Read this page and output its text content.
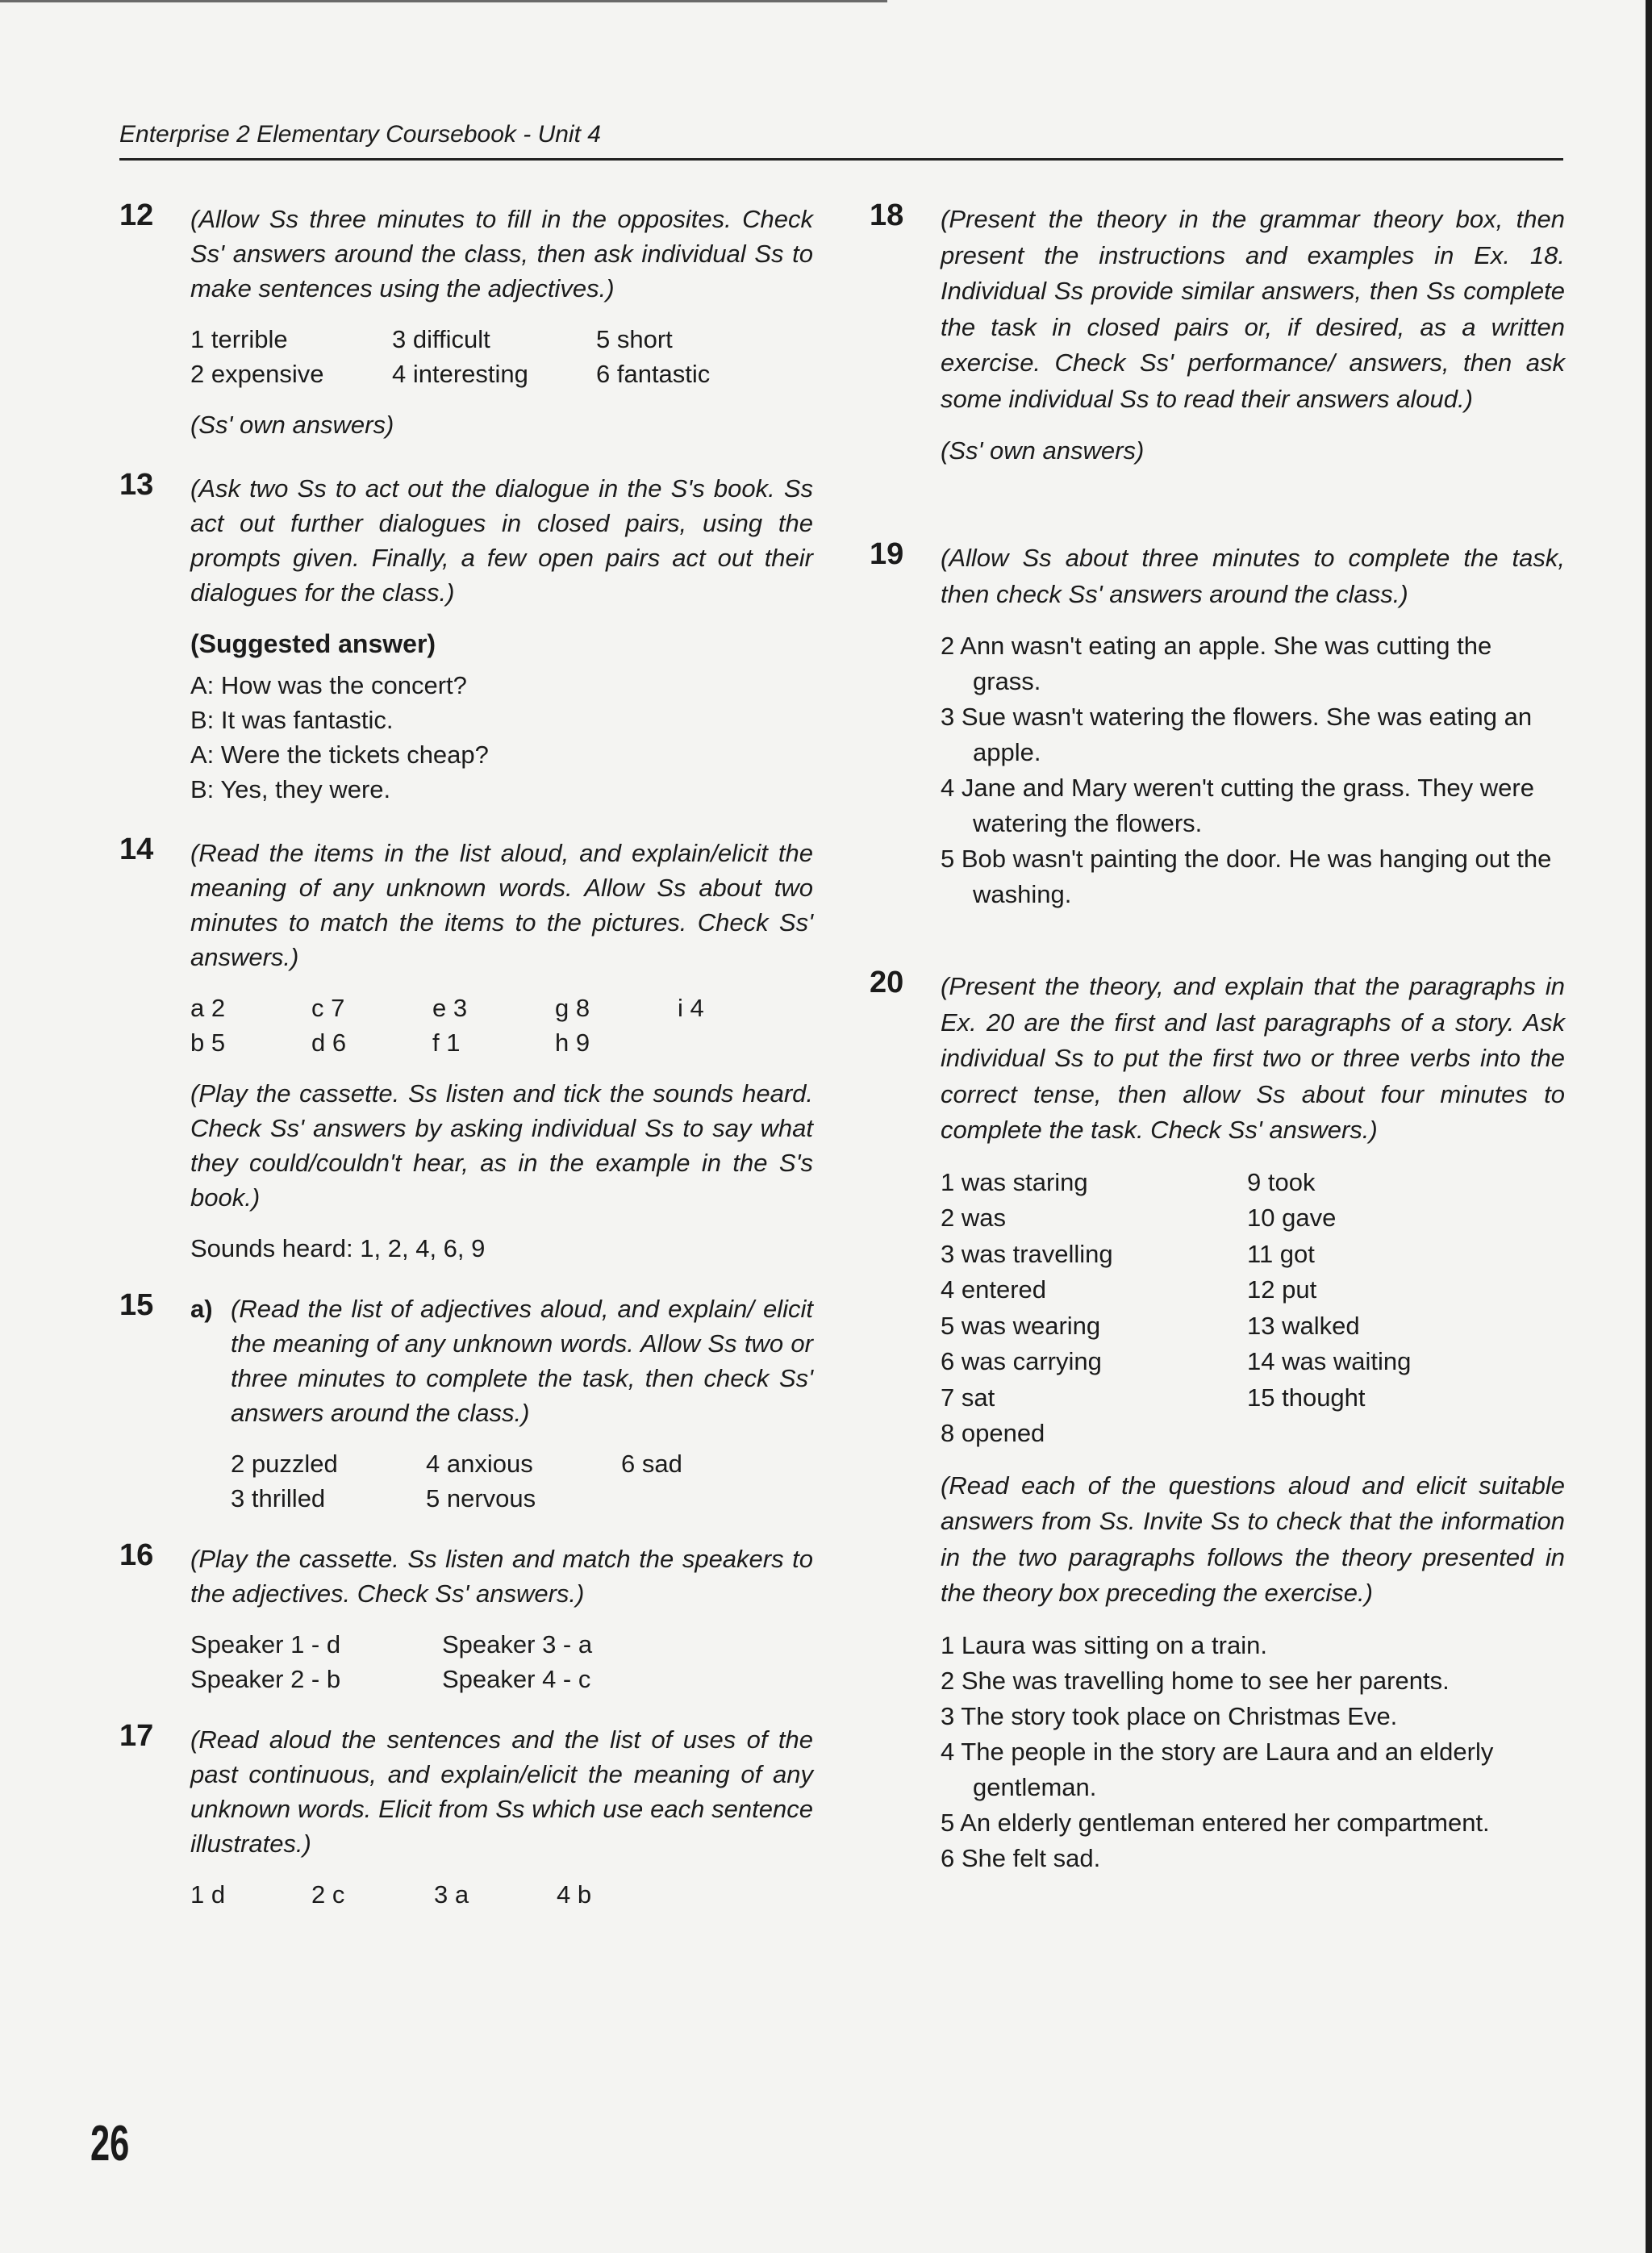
Enterprise 2 Elementary Coursebook - Unit 4
12 (Allow Ss three minutes to fill in the opposites. Check Ss' answers around the class, then ask individual Ss to make sentences using the adjectives.)

1 terrible	3 difficult	5 short
2 expensive	4 interesting	6 fantastic

(Ss' own answers)

13 (Ask two Ss to act out the dialogue in the S's book. Ss act out further dialogues in closed pairs, using the prompts given. Finally, a few open pairs act out their dialogues for the class.)

(Suggested answer)

A: How was the concert?
B: It was fantastic.
A: Were the tickets cheap?
B: Yes, they were.
14 (Read the items in the list aloud, and explain/elicit the meaning of any unknown words. Allow Ss about two minutes to match the items to the pictures. Check Ss' answers.)

a 2	c 7	e 3	g 8	i 4
b 5	d 6	f 1	h 9

(Play the cassette. Ss listen and tick the sounds heard. Check Ss' answers by asking individual Ss to say what they could/couldn't hear, as in the example in the S's book.)

Sounds heard: 1, 2, 4, 6, 9

15 a) (Read the list of adjectives aloud, and explain/ elicit the meaning of any unknown words. Allow Ss two or three minutes to complete the task, then check Ss' answers around the class.)

2 puzzled	4 anxious	6 sad
3 thrilled	5 nervous
16 (Play the cassette. Ss listen and match the speakers to the adjectives. Check Ss' answers.)

Speaker 1 - d	Speaker 3 - a
Speaker 2 - b	Speaker 4 - c
17 (Read aloud the sentences and the list of uses of the past continuous, and explain/elicit the meaning of any unknown words. Elicit from Ss which use each sentence illustrates.)

1 d	2 c	3 a	4 b
18 (Present the theory in the grammar theory box, then present the instructions and examples in Ex. 18. Individual Ss provide similar answers, then Ss complete the task in closed pairs or, if desired, as a written exercise. Check Ss' performance/ answers, then ask some individual Ss to read their answers aloud.)

(Ss' own answers)

19 (Allow Ss about three minutes to complete the task, then check Ss' answers around the class.)

2 Ann wasn't eating an apple. She was cutting the grass.
3 Sue wasn't watering the flowers. She was eating an apple.
4 Jane and Mary weren't cutting the grass. They were watering the flowers.
5 Bob wasn't painting the door. He was hanging out the washing.
20 (Present the theory, and explain that the paragraphs in Ex. 20 are the first and last paragraphs of a story. Ask individual Ss to put the first two or three verbs into the correct tense, then allow Ss about four minutes to complete the task. Check Ss' answers.)

1 was staring	9 took
2 was	10 gave
3 was travelling	11 got
4 entered	12 put
5 was wearing	13 walked
6 was carrying	14 was waiting
7 sat	15 thought
8 opened

(Read each of the questions aloud and elicit suitable answers from Ss. Invite Ss to check that the information in the two paragraphs follows the theory presented in the theory box preceding the exercise.)

1 Laura was sitting on a train.
2 She was travelling home to see her parents.
3 The story took place on Christmas Eve.
4 The people in the story are Laura and an elderly gentleman.
5 An elderly gentleman entered her compartment.
6 She felt sad.
26
